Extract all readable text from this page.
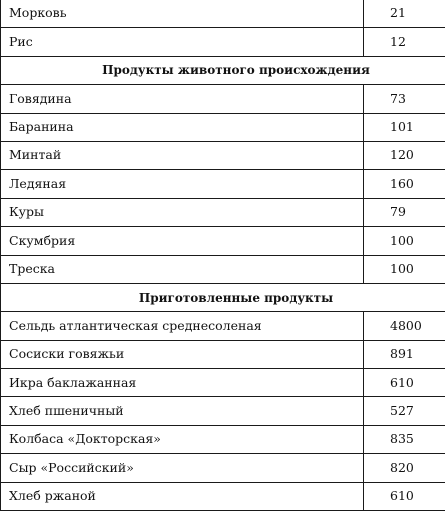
Морковь	21
Рис	12
Продукты животного происхождения	
Говядина	73
Баранина	101
Минтай	120
Ледяная	160
Куры	79
Скумбрия	100
Треска	100
Приготовленные продукты	
Сельдь атлантическая среднесоленая	4800
Сосиски говяжьи	891
Икра баклажанная	610
Хлеб пшеничный	527
Колбаса «Докторская»	835
Сыр «Российский»	820
Хлеб ржаной	610
